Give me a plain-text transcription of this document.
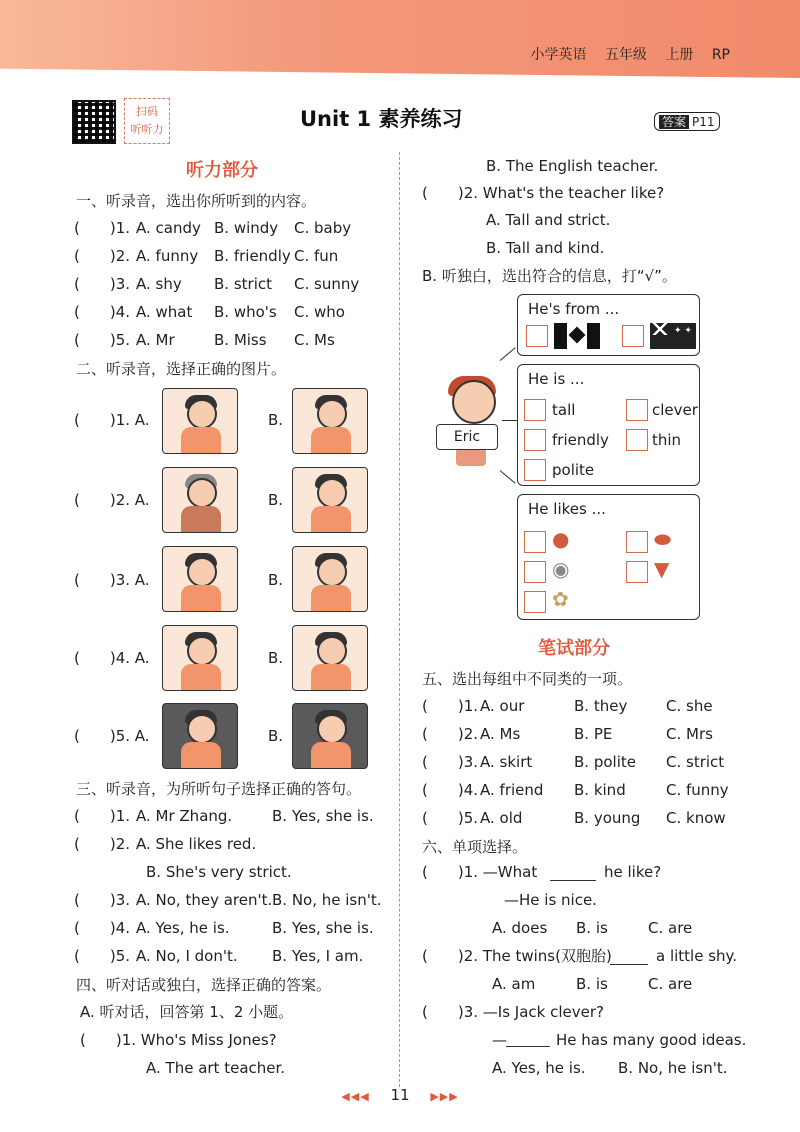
小学英语 五年级 上册 RP
扫码
听听力	Unit 1 素养练习	答案 P11
听力部分
一、听录音，选出你所听到的内容。
(　　)1. A. candy B. windy C. baby
(　　)2. A. funny B. friendly C. fun
(　　)3. A. shy B. strict C. sunny
(　　)4. A. what B. who's C. who
(　　)5. A. Mr	B. Miss C. Ms
二、听录音，选择正确的图片。
(　　)1. A.	B.
(　　)2. A.	B.
(　　)3. A.	B.
(　　)4. A.	B.
(　　)5. A.	B.
三、听录音，为所听句子选择正确的答句。
(　　)1. A. Mr Zhang.	B. Yes, she is.
(　　)2. A. She likes red.
B. She's very strict.
(　　)3. A. No, they aren't. B. No, he isn't.
(　　)4. A. Yes, he is.	B. Yes, she is.
(　　)5. A. No, I don't. B. Yes, I am.
四、听对话或独白，选择正确的答案。
A. 听对话，回答第 1、2 小题。
(　　)1. Who's Miss Jones?
A. The art teacher.
B. The English teacher.
(　　)2. What's the teacher like?
A. Tall and strict.
B. Tall and kind.
B. 听独白，选出符合的信息，打“√”。
Eric
He's from ...
✦ ✦
He is ...
tall	clever
friendly	thin
polite
He likes ...
●	⬬
◉	▼
✿
笔试部分
五、选出每组中不同类的一项。
(　　)1. A. our	B. they	C. she
(　　)2. A. Ms	B. PE	C. Mrs
(　　)3. A. skirt	B. polite C. strict
(　　)4. A. friend B. kind	C. funny
(　　)5. A. old	B. young C. know
六、单项选择。
(　　)1. —What	he like?
—He is nice.
A. does B. is	C. are
(　　)2. The twins(双胞胎)	a little shy.
A. am	B. is	C. are
(　　)3. —Is Jack clever?
—	He has many good ideas.
A. Yes, he is. B. No, he isn't.
◀◀◀ 11 ▶▶▶
